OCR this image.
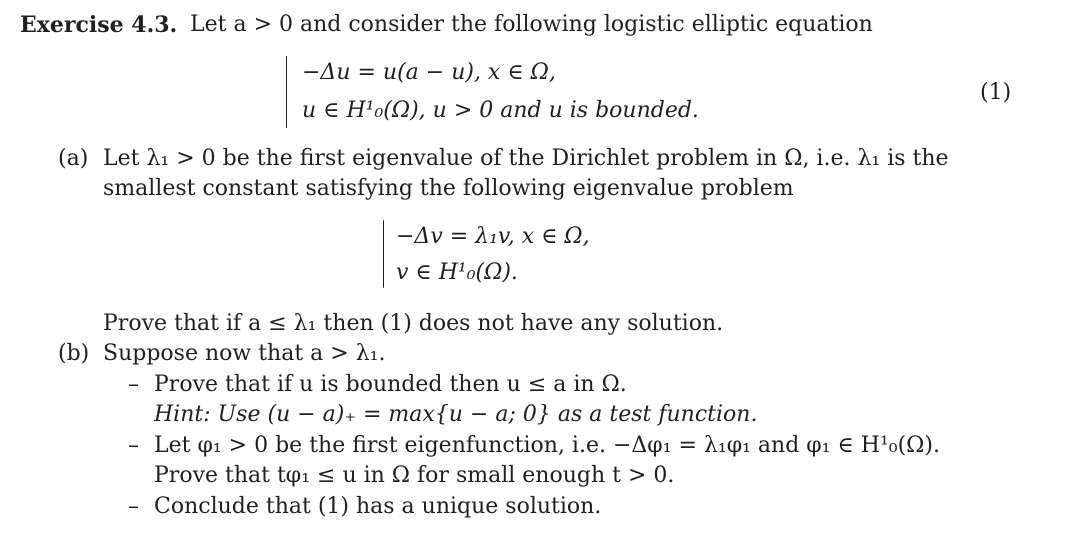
Exercise 4.3. Let a > 0 and consider the following logistic elliptic equation
−Δu = u(a − u), x ∈ Ω,
u ∈ H¹₀(Ω), u > 0 and u is bounded.
(1)
(a) Let λ₁ > 0 be the first eigenvalue of the Dirichlet problem in Ω, i.e. λ₁ is the
smallest constant satisfying the following eigenvalue problem
−Δv = λ₁v, x ∈ Ω,
v ∈ H¹₀(Ω).
Prove that if a ≤ λ₁ then (1) does not have any solution.
(b) Suppose now that a > λ₁.
– Prove that if u is bounded then u ≤ a in Ω.
Hint: Use (u − a)₊ = max{u − a; 0} as a test function.
– Let φ₁ > 0 be the first eigenfunction, i.e. −Δφ₁ = λ₁φ₁ and φ₁ ∈ H¹₀(Ω).
Prove that tφ₁ ≤ u in Ω for small enough t > 0.
– Conclude that (1) has a unique solution.
